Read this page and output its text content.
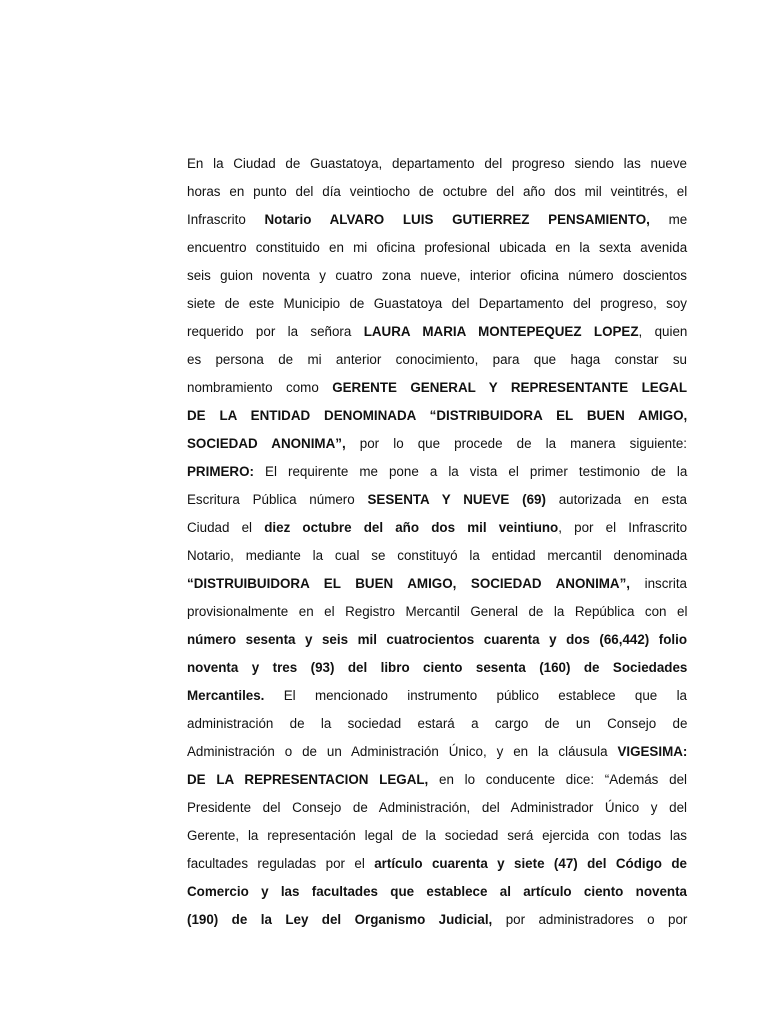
En la Ciudad de Guastatoya, departamento del progreso siendo las nueve
horas en punto del día veintiocho de octubre del año dos mil veintitrés, el
Infrascrito Notario ALVARO LUIS GUTIERREZ PENSAMIENTO, me
encuentro constituido en mi oficina profesional ubicada en la sexta avenida
seis guion noventa y cuatro zona nueve, interior oficina número doscientos
siete de este Municipio de Guastatoya del Departamento del progreso, soy
requerido por la señora LAURA MARIA MONTEPEQUEZ LOPEZ, quien
es persona de mi anterior conocimiento, para que haga constar su
nombramiento como GERENTE GENERAL Y REPRESENTANTE LEGAL
DE LA ENTIDAD DENOMINADA “DISTRIBUIDORA EL BUEN AMIGO,
SOCIEDAD ANONIMA”, por lo que procede de la manera siguiente:
PRIMERO: El requirente me pone a la vista el primer testimonio de la
Escritura Pública número SESENTA Y NUEVE (69) autorizada en esta
Ciudad el diez octubre del año dos mil veintiuno, por el Infrascrito
Notario, mediante la cual se constituyó la entidad mercantil denominada
“DISTRUIBUIDORA EL BUEN AMIGO, SOCIEDAD ANONIMA”, inscrita
provisionalmente en el Registro Mercantil General de la República con el
número sesenta y seis mil cuatrocientos cuarenta y dos (66,442) folio
noventa y tres (93) del libro ciento sesenta (160) de Sociedades
Mercantiles. El mencionado instrumento público establece que la
administración de la sociedad estará a cargo de un Consejo de
Administración o de un Administración Único, y en la cláusula VIGESIMA:
DE LA REPRESENTACION LEGAL, en lo conducente dice: “Además del
Presidente del Consejo de Administración, del Administrador Único y del
Gerente, la representación legal de la sociedad será ejercida con todas las
facultades reguladas por el artículo cuarenta y siete (47) del Código de
Comercio y las facultades que establece al artículo ciento noventa
(190) de la Ley del Organismo Judicial, por administradores o por
